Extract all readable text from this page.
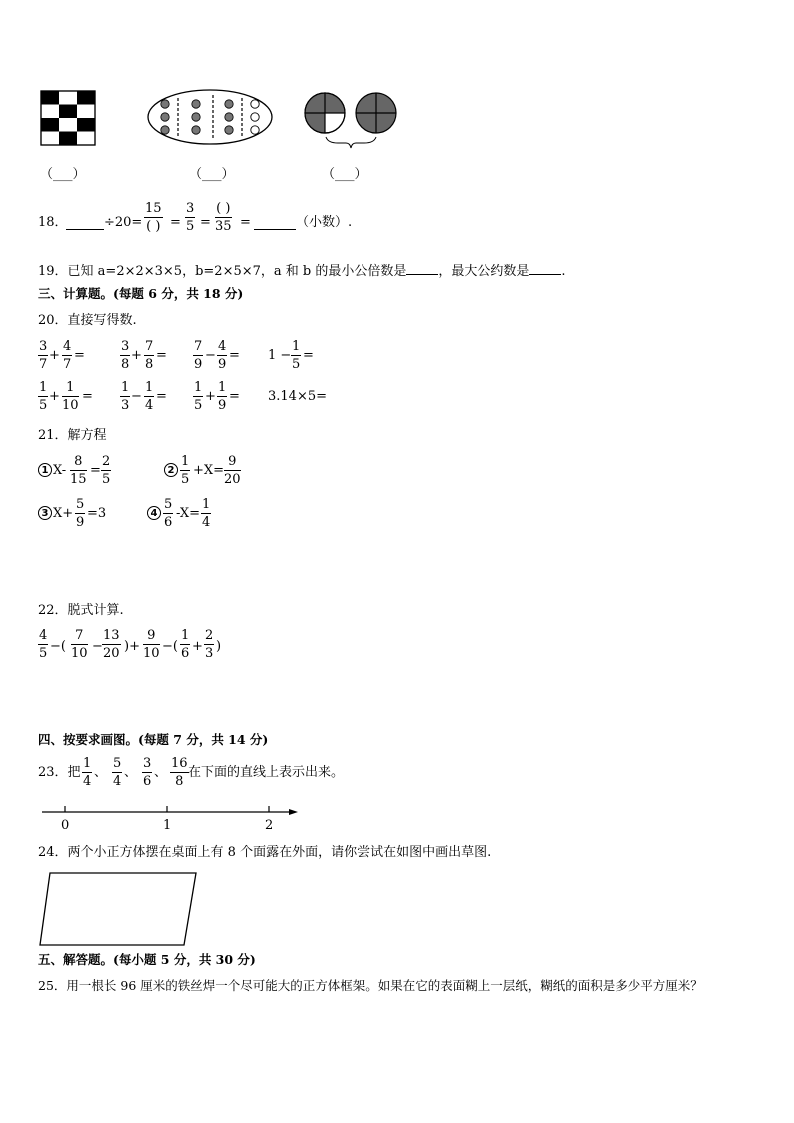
（___）	（___）	（___）
18．	÷20=
15
( ) = $\frac{3}{5}$ =
( )
35 =	（小数）.
19．已知 a=2×2×3×5，b=2×5×7，a 和 b 的最小公倍数是 ，最大公约数是 .
三、计算题。(每题 6 分，共 18 分)
20．直接写得数.
$\frac{3}{7} + \frac{4}{7}$ =	$\frac{3}{8} + \frac{7}{8} = \frac{7}{9} - \frac{4}{9} = 1 - \frac{1}{5}$ =
$\frac{1}{5} + \frac{1}{10} = \frac{1}{3} - \frac{1}{4} = \frac{1}{5} + \frac{1}{9} = 3.14\times 5=$
21．解方程
1 $X- \frac{8}{15} = \frac{2}{5}$	$2 \frac{1}{5} +X= \frac{9}{20}$
3 $X+ \frac{5}{9} =3$	$4 \frac{5}{6} -X= \frac{1}{4}$
22．脱式计算.
$\frac{4}{5}$ −( $\frac{7}{10} - \frac{13}{20}$ )+ $\frac{9}{10}$ −( $\frac{1}{6} + \frac{2}{3}$ )
四、按要求画图。(每题 7 分，共 14 分)
23．把 $\frac{1}{4}$ 、 $\frac{5}{4}$ 、 $\frac{3}{6}$ 、 $\frac{16}{8}$ 在下面的直线上表示出来。
0	1	2
24．两个小正方体摆在桌面上有 8 个面露在外面，请你尝试在如图中画出草图.
五、解答题。(每小题 5 分，共 30 分)
25．用一根长 96 厘米的铁丝焊一个尽可能大的正方体框架。如果在它的表面糊上一层纸，糊纸的面积是多少平方厘米？
